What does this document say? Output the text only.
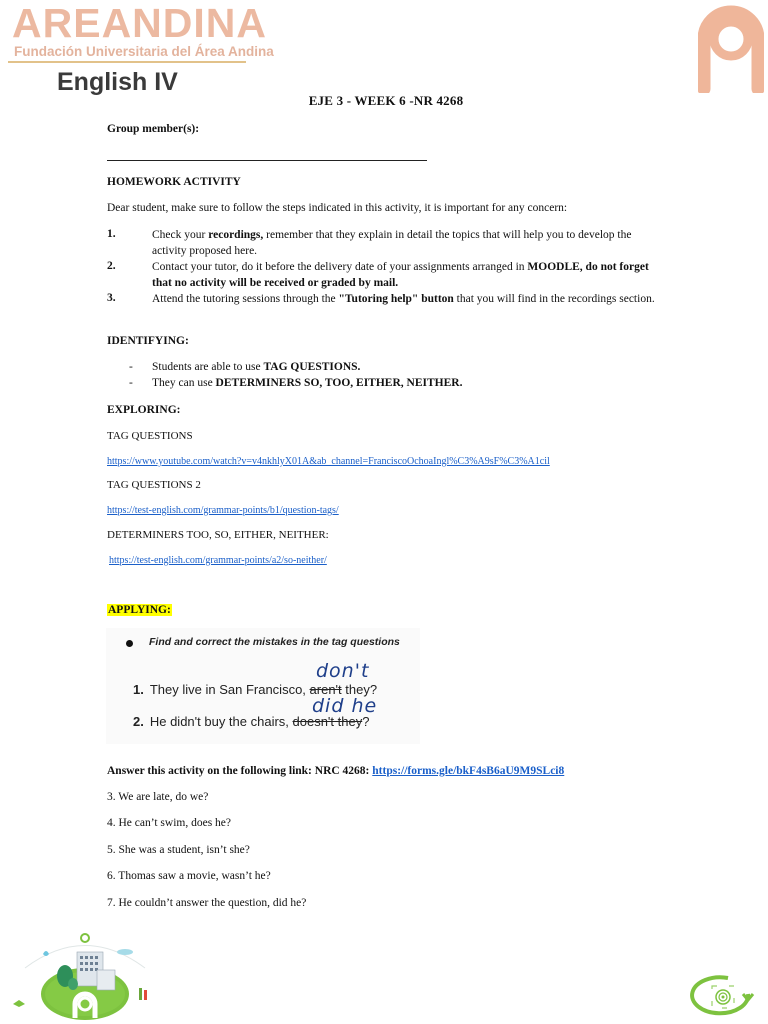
AREANDINA
Fundación Universitaria del Área Andina
English IV
EJE 3 - WEEK 6 -NR 4268
Group member(s):
HOMEWORK ACTIVITY
Dear student, make sure to follow the steps indicated in this activity, it is important for any concern:
1.	Check your recordings, remember that they explain in detail the topics that will help you to develop the activity proposed here.
2.	Contact your tutor, do it before the delivery date of your assignments arranged in MOODLE, do not forget that no activity will be received or graded by mail.
3.	Attend the tutoring sessions through the "Tutoring help" button that you will find in the recordings section.
IDENTIFYING:
- Students are able to use TAG QUESTIONS.
- They can use DETERMINERS SO, TOO, EITHER, NEITHER.
EXPLORING:
TAG QUESTIONS
https://www.youtube.com/watch?v=v4nkhlyX01A&ab_channel=FranciscoOchoaIngl%C3%A9sF%C3%A1cil
TAG QUESTIONS 2
https://test-english.com/grammar-points/b1/question-tags/
DETERMINERS TOO, SO, EITHER, NEITHER:
https://test-english.com/grammar-points/a2/so-neither/
APPLYING:
Find and correct the mistakes in the tag questions
don't
1. They live in San Francisco, aren't they?
did he
2. He didn't buy the chairs, doesn't they?
Answer this activity on the following link: NRC 4268: https://forms.gle/bkF4sB6aU9M9SLci8
3. We are late, do we?
4. He can’t swim, does he?
5. She was a student, isn’t she?
6. Thomas saw a movie, wasn’t he?
7. He couldn’t answer the question, did he?
